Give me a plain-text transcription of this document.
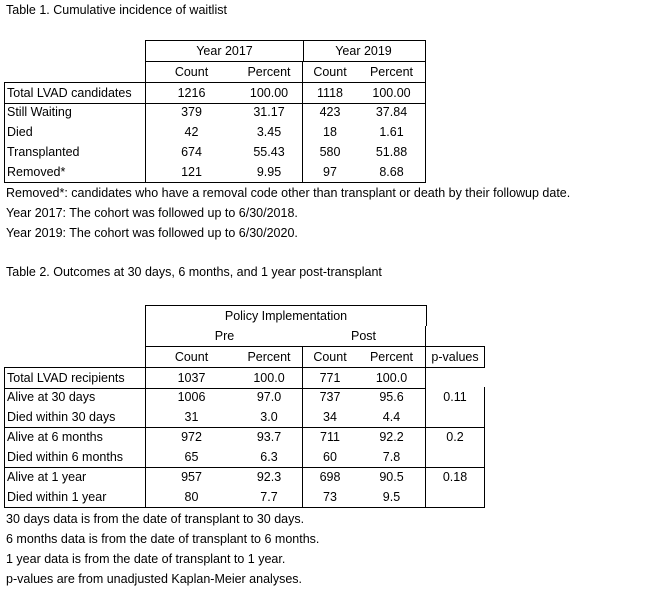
Table 1. Cumulative incidence of waitlist
Year 2017	Year 2019
Count	Percent	Count	Percent
Total LVAD candidates	1216	100.00	1118	100.00
Still Waiting	379	31.17	423	37.84
Died	42	3.45	18	1.61
Transplanted	674	55.43	580	51.88
Removed*	121	9.95	97	8.68
Removed*: candidates who have a removal code other than transplant or death by their followup date.
Year 2017: The cohort was followed up to 6/30/2018.
Year 2019: The cohort was followed up to 6/30/2020.
Table 2. Outcomes at 30 days, 6 months, and 1 year post-transplant
Policy Implementation
Pre	Post
Count	Percent	Count	Percent	p-values
Total LVAD recipients	1037	100.0	771	100.0
Alive at 30 days	1006	97.0	737	95.6	0.11
Died within 30 days	31	3.0	34	4.4
Alive at 6 months	972	93.7	711	92.2	0.2
Died within 6 months	65	6.3	60	7.8
Alive at 1 year	957	92.3	698	90.5	0.18
Died within 1 year	80	7.7	73	9.5
30 days data is from the date of transplant to 30 days.
6 months data is from the date of transplant to 6 months.
1 year data is from the date of transplant to 1 year.
p-values are from unadjusted Kaplan-Meier analyses.
